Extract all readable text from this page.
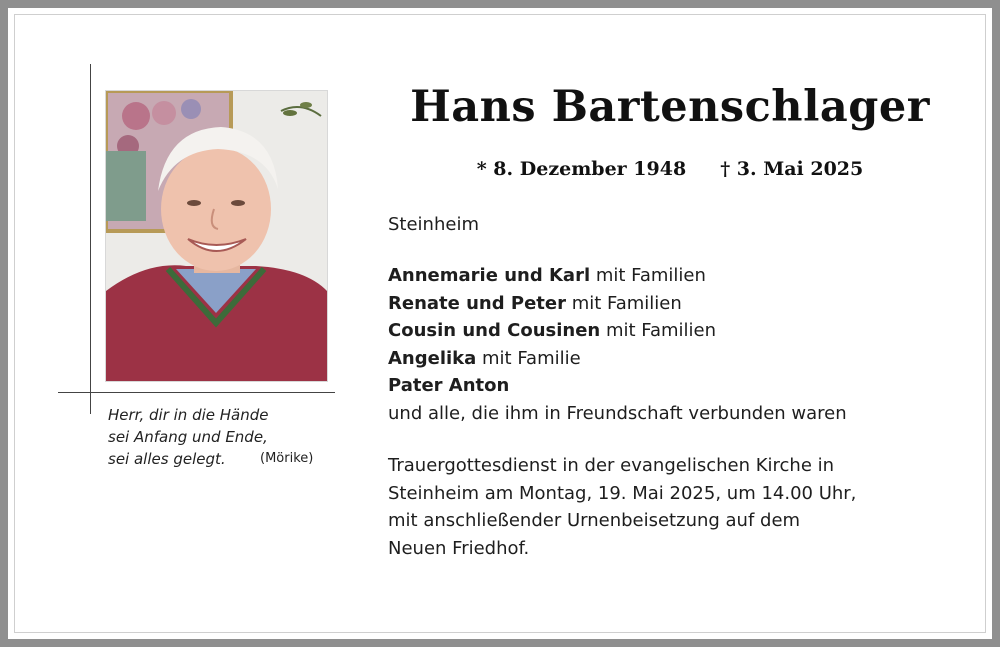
Herr, dir in die Hände
sei Anfang und Ende,
sei alles gelegt.	(Mörike)
Hans Bartenschlager
* 8. Dezember 1948 † 3. Mai 2025
Steinheim
Annemarie und Karl mit Familien
Renate und Peter mit Familien
Cousin und Cousinen mit Familien
Angelika mit Familie
Pater Anton
und alle, die ihm in Freundschaft verbunden waren
Trauergottesdienst in der evangelischen Kirche in
Steinheim am Montag, 19. Mai 2025, um 14.00 Uhr,
mit anschließender Urnenbeisetzung auf dem
Neuen Friedhof.
